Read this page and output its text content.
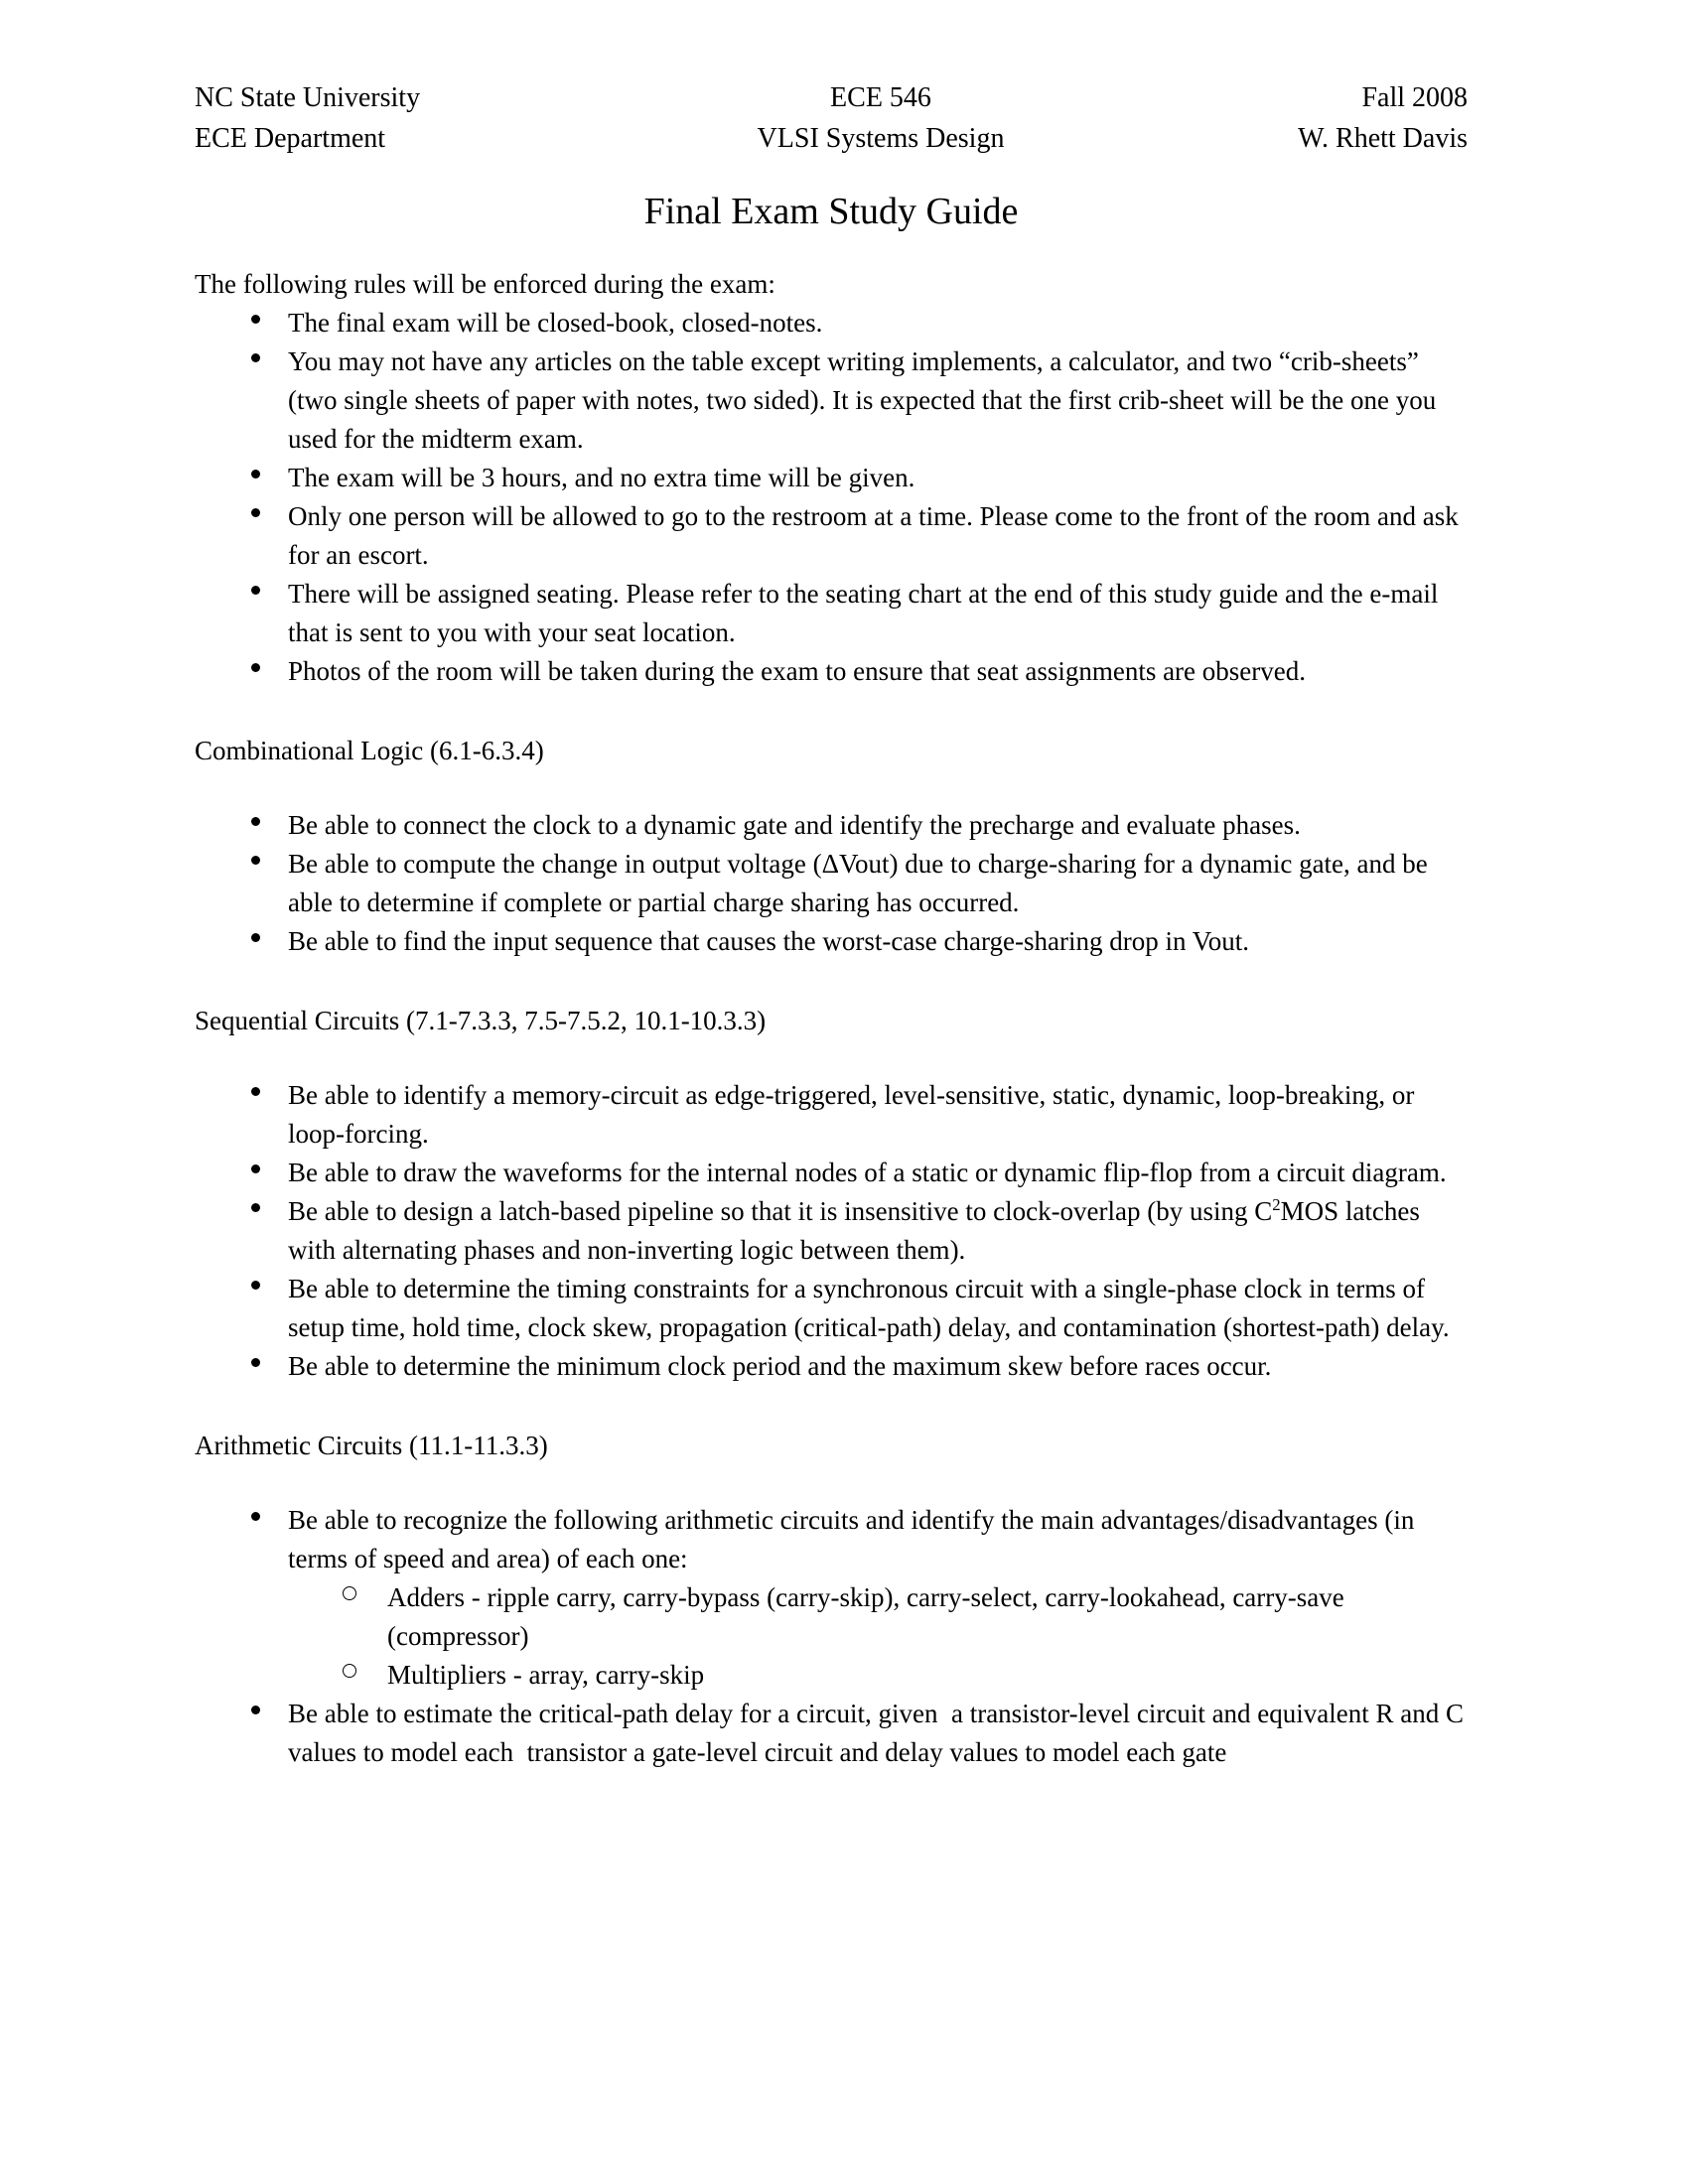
NC State University	ECE 546	Fall 2008
ECE Department	VLSI Systems Design	W. Rhett Davis
Final Exam Study Guide
The following rules will be enforced during the exam:
The final exam will be closed-book, closed-notes.
You may not have any articles on the table except writing implements, a calculator, and two “crib-sheets” (two single sheets of paper with notes, two sided). It is expected that the first crib-sheet will be the one you used for the midterm exam.
The exam will be 3 hours, and no extra time will be given.
Only one person will be allowed to go to the restroom at a time. Please come to the front of the room and ask for an escort.
There will be assigned seating. Please refer to the seating chart at the end of this study guide and the e-mail that is sent to you with your seat location.
Photos of the room will be taken during the exam to ensure that seat assignments are observed.
Combinational Logic (6.1-6.3.4)
Be able to connect the clock to a dynamic gate and identify the precharge and evaluate phases.
Be able to compute the change in output voltage (ΔVout) due to charge-sharing for a dynamic gate, and be able to determine if complete or partial charge sharing has occurred.
Be able to find the input sequence that causes the worst-case charge-sharing drop in Vout.
Sequential Circuits (7.1-7.3.3, 7.5-7.5.2, 10.1-10.3.3)
Be able to identify a memory-circuit as edge-triggered, level-sensitive, static, dynamic, loop-breaking, or loop-forcing.
Be able to draw the waveforms for the internal nodes of a static or dynamic flip-flop from a circuit diagram.
Be able to design a latch-based pipeline so that it is insensitive to clock-overlap (by using $C^2MOS$ latches with alternating phases and non-inverting logic between them).
Be able to determine the timing constraints for a synchronous circuit with a single-phase clock in terms of setup time, hold time, clock skew, propagation (critical-path) delay, and contamination (shortest-path) delay.
Be able to determine the minimum clock period and the maximum skew before races occur.
Arithmetic Circuits (11.1-11.3.3)
Be able to recognize the following arithmetic circuits and identify the main advantages/disadvantages (in terms of speed and area) of each one:
Adders - ripple carry, carry-bypass (carry-skip), carry-select, carry-lookahead, carry-save (compressor)
Multipliers - array, carry-skip
Be able to estimate the critical-path delay for a circuit, given  a transistor-level circuit and equivalent R and C values to model each  transistor a gate-level circuit and delay values to model each gate
